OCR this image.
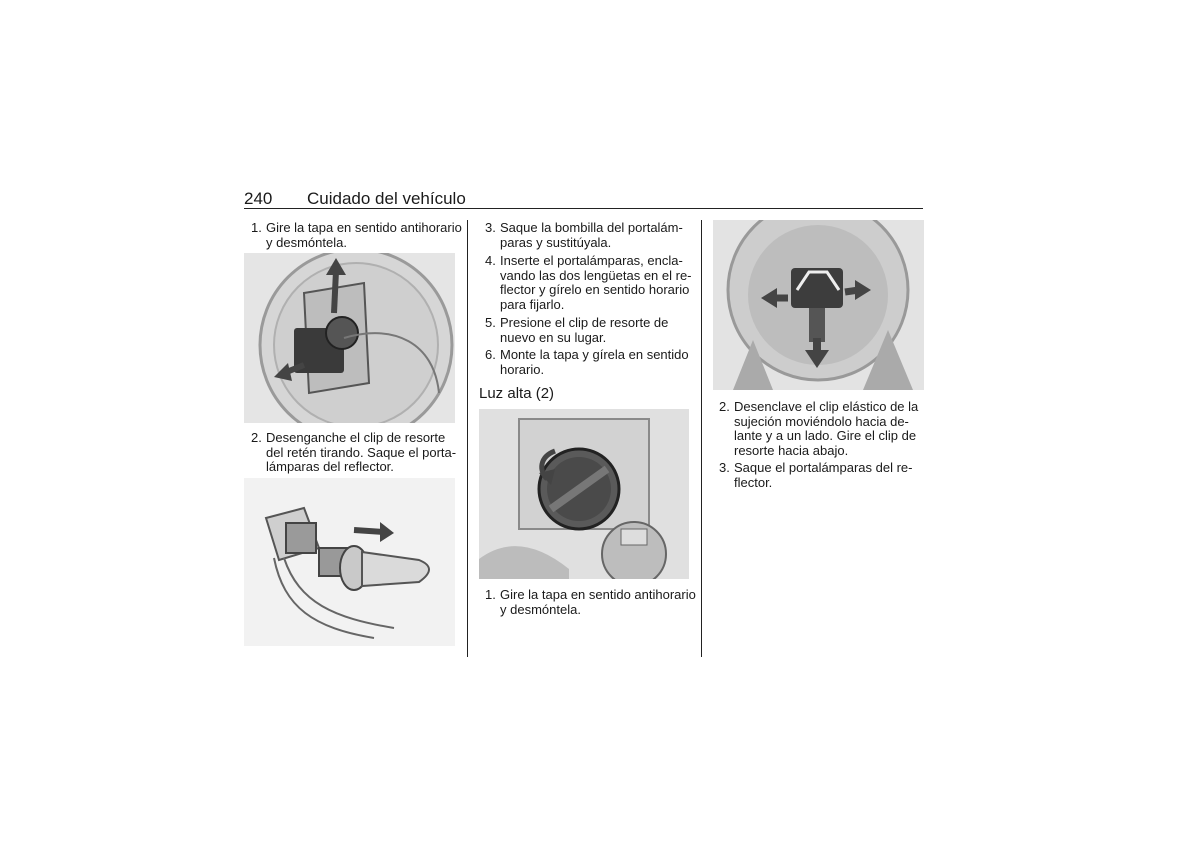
240 Cuidado del vehículo
1. Gire la tapa en sentido antihorario
y desmóntela.
2. Desenganche el clip de resorte
del retén tirando. Saque el porta-
lámparas del reflector.
3. Saque la bombilla del portalám-
paras y sustitúyala.
4. Inserte el portalámparas, encla-
vando las dos lengüetas en el re-
flector y gírelo en sentido horario
para fijarlo.
5. Presione el clip de resorte de
nuevo en su lugar.
6. Monte la tapa y gírela en sentido
horario.
Luz alta (2)
1. Gire la tapa en sentido antihorario
y desmóntela.
2. Desenclave el clip elástico de la
sujeción moviéndolo hacia de-
lante y a un lado. Gire el clip de
resorte hacia abajo.
3. Saque el portalámparas del re-
flector.
